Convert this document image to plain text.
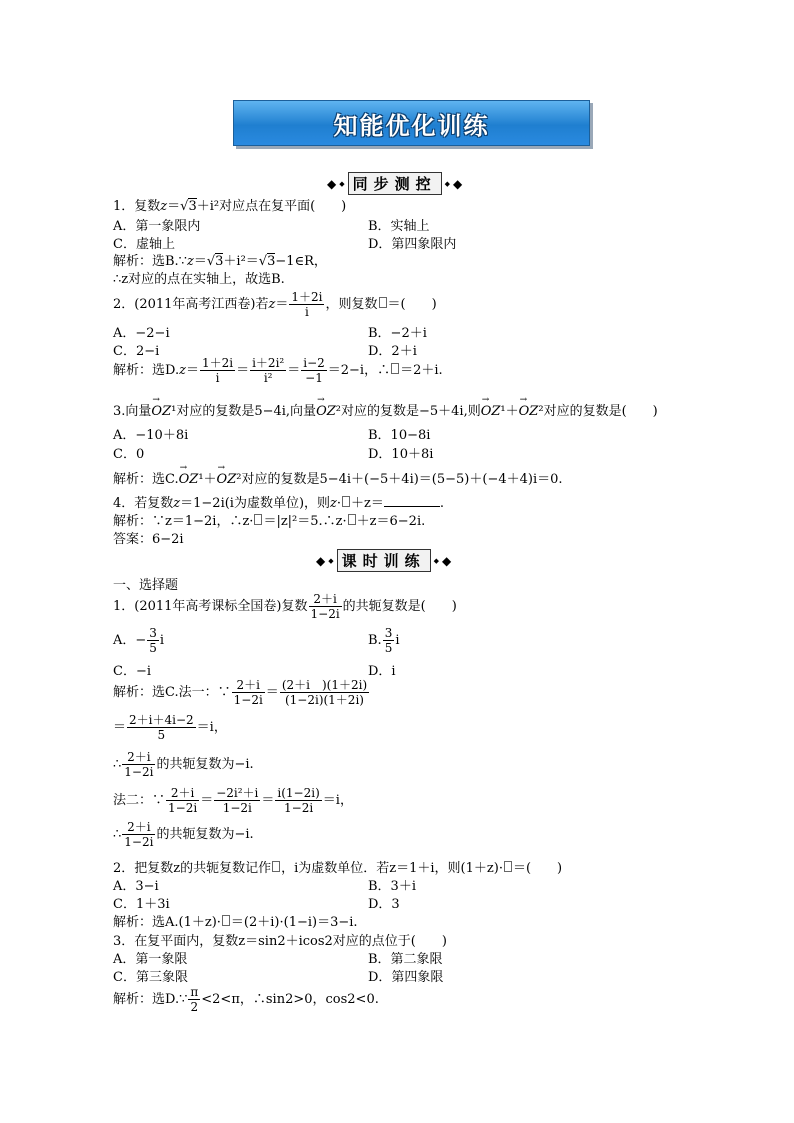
知能优化训练
◆ ◆ 同步测控	◆ ◆
1．复数z＝√3＋i²对应点在复平面(　　)
A．第一象限内	B．实轴上
C．虚轴上	D．第四象限内
解析：选B.∵z＝√3＋i²＝√3−1∈R，
∴z对应的点在实轴上，故选B.
2．(2011年高考江西卷)若$z= \frac{1+2i}{i}$ ，则复数 ＝(　　)
A．−2−i	B．−2＋i
C．2−i	D．2＋i
解析：选$D.z= \frac{1+2i}{i} = \frac{\text{i＋2i²}}{\text{i²}} = \frac{i-2}{-1} =2-i$，∴ ＝2＋i.
3.向量→ OZ¹对应的复数是5−4i,向量→ OZ²对应的复数是−5＋4i,则→ OZ¹＋→ OZ²对应的复数是(　　)
A．−10＋8i	B．10−8i
C．0	D．10＋8i
解析：选C.→ OZ¹＋→ OZ²对应的复数是5−4i＋(−5＋4i)＝(5−5)＋(−4＋4)i＝0.
4．若复数z＝1−2i(i为虚数单位)，则z· ＋z＝	.
解析：∵z＝1−2i，∴z· ＝|z|²＝5.∴z· ＋z＝6−2i.
答案：6−2i
◆ ◆ 课时训练	◆ ◆
一、选择题
1．(2011年高考课标全国卷)复数 $\frac{2+i}{1-2i}$ 的共轭复数是(　　)
A．− $\frac{3}{5}$ i	B. $\frac{3}{5}$ i
C．−i	D．i
解析：选C.法一：∵ $\frac{2+i}{1-2i} = \frac{(2+i )(1+2i)}{(1-2i)(1+2i)}$
＝ $\frac{2+i+4i-2}{5} =i$，
∴ $\frac{2+i}{1-2i}$ 的共轭复数为−i.
法二：∵ $\frac{2+i}{1-2i} = \frac{\text{−2i²＋i}}{1-2i} = \frac{i(1-2i)}{1-2i} =i$，
∴ $\frac{2+i}{1-2i}$ 的共轭复数为−i.
2．把复数z的共轭复数记作 ，i为虚数单位．若z＝1＋i，则(1＋z)· ＝(　　)
A．3−i	B．3＋i
C．1＋3i	D．3
解析：选A.(1＋z)· ＝(2＋i)·(1−i)＝3−i.
3．在复平面内，复数z＝sin2＋icos2对应的点位于(　　)
A．第一象限	B．第二象限
C．第三象限	D．第四象限
解析：选D.∵ $\frac{\pi}{2} <2<\pi$，∴sin2>0，cos2<0.
